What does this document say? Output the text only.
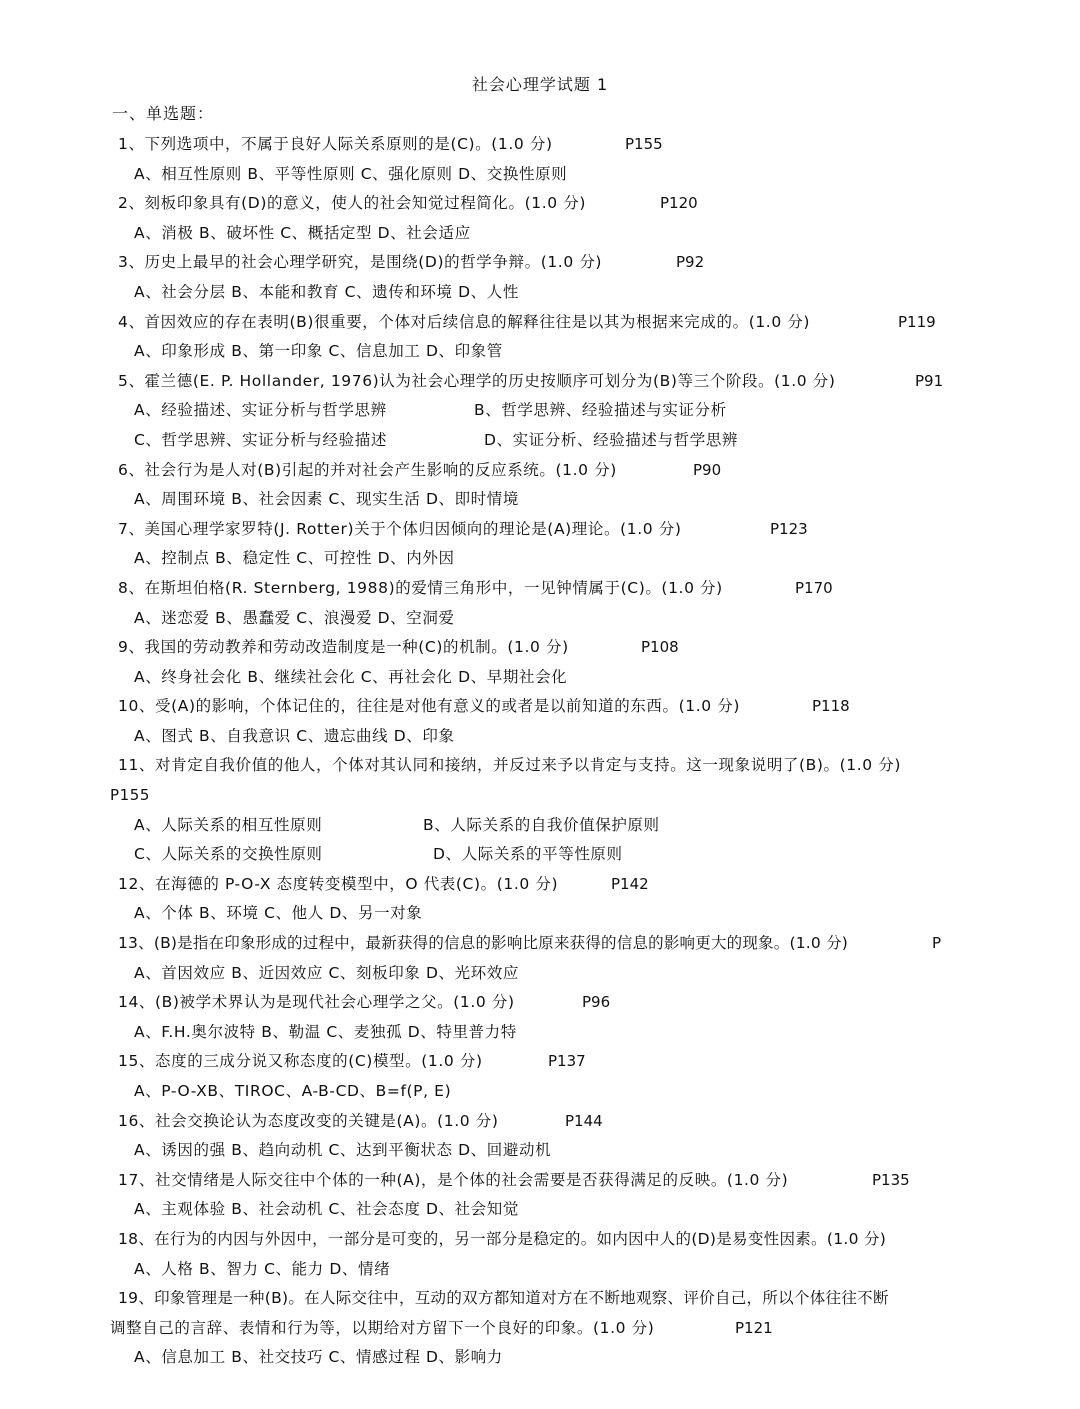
社会心理学试题 1
一、单选题：
1、下列选项中，不属于良好人际关系原则的是(C)。(1.0 分)	P155
A、相互性原则 B、平等性原则 C、强化原则 D、交换性原则
2、刻板印象具有(D)的意义，使人的社会知觉过程简化。(1.0 分)	P120
A、消极 B、破坏性 C、概括定型 D、社会适应
3、历史上最早的社会心理学研究，是围绕(D)的哲学争辩。(1.0 分)	P92
A、社会分层 B、本能和教育 C、遗传和环境 D、人性
4、首因效应的存在表明(B)很重要，个体对后续信息的解释往往是以其为根据来完成的。(1.0 分)	P119
A、印象形成 B、第一印象 C、信息加工 D、印象管
5、霍兰德(E. P. Hollander, 1976)认为社会心理学的历史按顺序可划分为(B)等三个阶段。(1.0 分)	P91
A、经验描述、实证分析与哲学思辨	B、哲学思辨、经验描述与实证分析
C、哲学思辨、实证分析与经验描述	D、实证分析、经验描述与哲学思辨
6、社会行为是人对(B)引起的并对社会产生影响的反应系统。(1.0 分)	P90
A、周围环境 B、社会因素 C、现实生活 D、即时情境
7、美国心理学家罗特(J. Rotter)关于个体归因倾向的理论是(A)理论。(1.0 分)	P123
A、控制点 B、稳定性 C、可控性 D、内外因
8、在斯坦伯格(R. Sternberg, 1988)的爱情三角形中，一见钟情属于(C)。(1.0 分)	P170
A、迷恋爱 B、愚蠢爱 C、浪漫爱 D、空洞爱
9、我国的劳动教养和劳动改造制度是一种(C)的机制。(1.0 分)	P108
A、终身社会化 B、继续社会化 C、再社会化 D、早期社会化
10、受(A)的影响，个体记住的，往往是对他有意义的或者是以前知道的东西。(1.0 分)	P118
A、图式 B、自我意识 C、遗忘曲线 D、印象
11、对肯定自我价值的他人，个体对其认同和接纳，并反过来予以肯定与支持。这一现象说明了(B)。(1.0 分)
P155
A、人际关系的相互性原则	B、人际关系的自我价值保护原则
C、人际关系的交换性原则	D、人际关系的平等性原则
12、在海德的 P-O-X 态度转变模型中，O 代表(C)。(1.0 分)	P142
A、个体 B、环境 C、他人 D、另一对象
13、(B)是指在印象形成的过程中，最新获得的信息的影响比原来获得的信息的影响更大的现象。(1.0 分)	P
A、首因效应 B、近因效应 C、刻板印象 D、光环效应
14、(B)被学术界认为是现代社会心理学之父。(1.0 分)	P96
A、F.H.奥尔波特 B、勒温 C、麦独孤 D、特里普力特
15、态度的三成分说又称态度的(C)模型。(1.0 分)	P137
A、P-O-XB、TIROC、A-B-CD、B=f(P, E)
16、社会交换论认为态度改变的关键是(A)。(1.0 分)	P144
A、诱因的强 B、趋向动机 C、达到平衡状态 D、回避动机
17、社交情绪是人际交往中个体的一种(A)，是个体的社会需要是否获得满足的反映。(1.0 分)	P135
A、主观体验 B、社会动机 C、社会态度 D、社会知觉
18、在行为的内因与外因中，一部分是可变的，另一部分是稳定的。如内因中人的(D)是易变性因素。(1.0 分)
A、人格 B、智力 C、能力 D、情绪
19、印象管理是一种(B)。在人际交往中，互动的双方都知道对方在不断地观察、评价自己，所以个体往往不断
调整自己的言辞、表情和行为等，以期给对方留下一个良好的印象。(1.0 分)	P121
A、信息加工 B、社交技巧 C、情感过程 D、影响力
